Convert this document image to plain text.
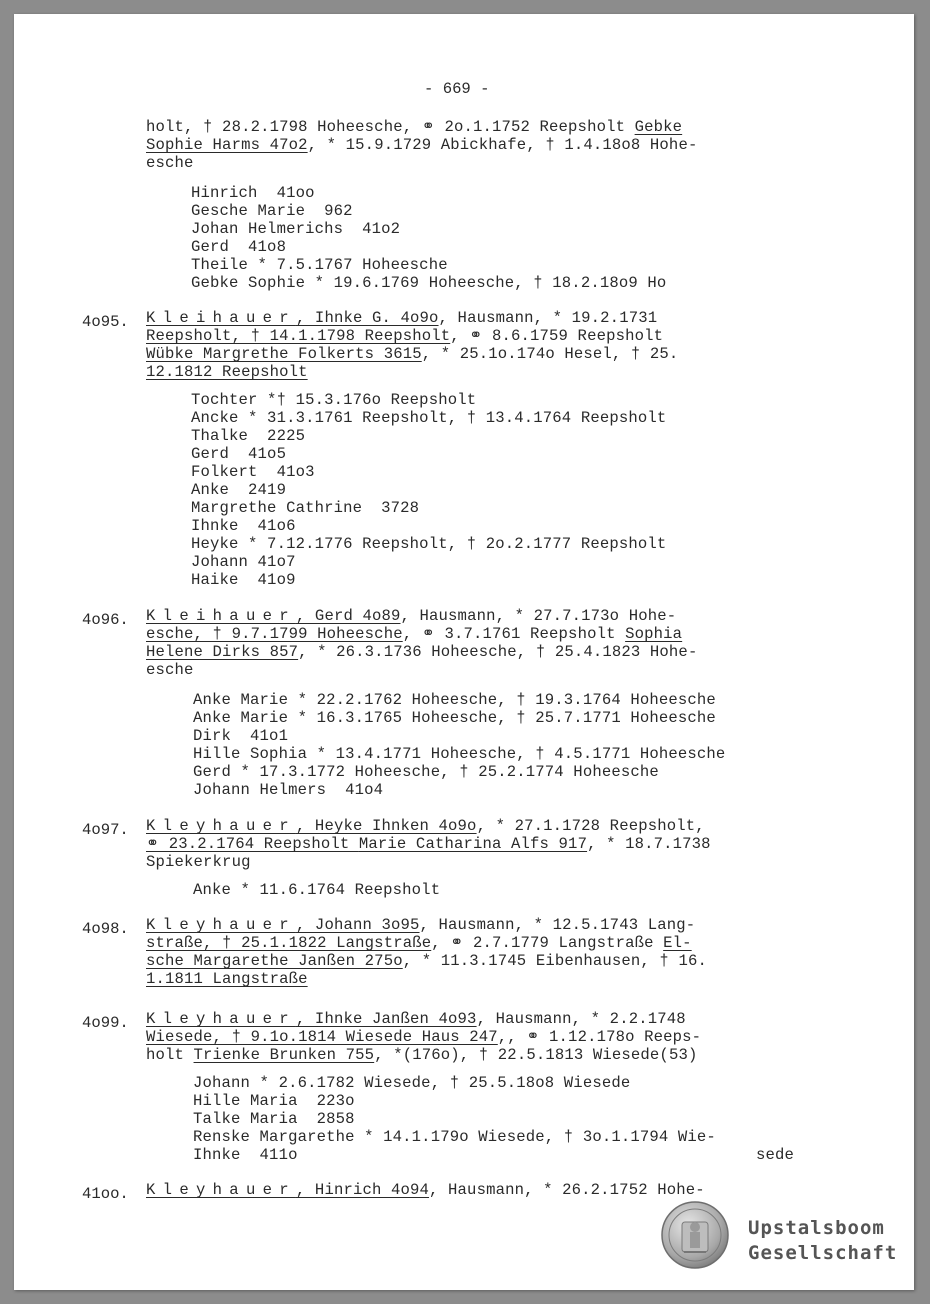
- 669 -
holt, † 28.2.1798 Hoheesche, ⚭ 2o.1.1752 Reepsholt Gebke
Sophie Harms 47o2, * 15.9.1729 Abickhafe, † 1.4.18o8 Hohe-
esche
Hinrich  41oo
Gesche Marie  962
Johan Helmerichs  41o2
Gerd  41o8
Theile * 7.5.1767 Hoheesche
Gebke Sophie * 19.6.1769 Hoheesche, † 18.2.18o9 Ho
4o95. Kleihauer, Ihnke G. 4o9o, Hausmann, * 19.2.1731
Reepsholt, † 14.1.1798 Reepsholt, ⚭ 8.6.1759 Reepsholt
Wübke Margrethe Folkerts 3615, * 25.1o.174o Hesel, † 25.
12.1812 Reepsholt
Tochter *† 15.3.176o Reepsholt
Ancke * 31.3.1761 Reepsholt, † 13.4.1764 Reepsholt
Thalke  2225
Gerd  41o5
Folkert  41o3
Anke  2419
Margrethe Cathrine  3728
Ihnke  41o6
Heyke * 7.12.1776 Reepsholt, † 2o.2.1777 Reepsholt
Johann 41o7
Haike  41o9
4o96. Kleihauer, Gerd 4o89, Hausmann, * 27.7.173o Hohe-
esche, † 9.7.1799 Hoheesche, ⚭ 3.7.1761 Reepsholt Sophia
Helene Dirks 857, * 26.3.1736 Hoheesche, † 25.4.1823 Hohe-
esche
Anke Marie * 22.2.1762 Hoheesche, † 19.3.1764 Hoheesche
Anke Marie * 16.3.1765 Hoheesche, † 25.7.1771 Hoheesche
Dirk  41o1
Hille Sophia * 13.4.1771 Hoheesche, † 4.5.1771 Hoheesche
Gerd * 17.3.1772 Hoheesche, † 25.2.1774 Hoheesche
Johann Helmers  41o4
4o97. Kleyhauer, Heyke Ihnken 4o9o, * 27.1.1728 Reepsholt,
⚭ 23.2.1764 Reepsholt Marie Catharina Alfs 917, * 18.7.1738
Spiekerkrug
Anke * 11.6.1764 Reepsholt
4o98. Kleyhauer, Johann 3o95, Hausmann, * 12.5.1743 Lang-
straße, † 25.1.1822 Langstraße, ⚭ 2.7.1779 Langstraße El-
sche Margarethe Janßen 275o, * 11.3.1745 Eibenhausen, † 16.
1.1811 Langstraße
4o99. Kleyhauer, Ihnke Janßen 4o93, Hausmann, * 2.2.1748
Wiesede, † 9.1o.1814 Wiesede Haus 247,, ⚭ 1.12.178o Reeps-
holt Trienke Brunken 755, *(176o), † 22.5.1813 Wiesede(53)
Johann * 2.6.1782 Wiesede, † 25.5.18o8 Wiesede
Hille Maria  223o
Talke Maria  2858
Renske Margarethe * 14.1.179o Wiesede, † 3o.1.1794 Wie-
Ihnke  411o	sede
41oo. Kleyhauer, Hinrich 4o94, Hausmann, * 26.2.1752 Hohe-
Upstalsboom
Gesellschaft
